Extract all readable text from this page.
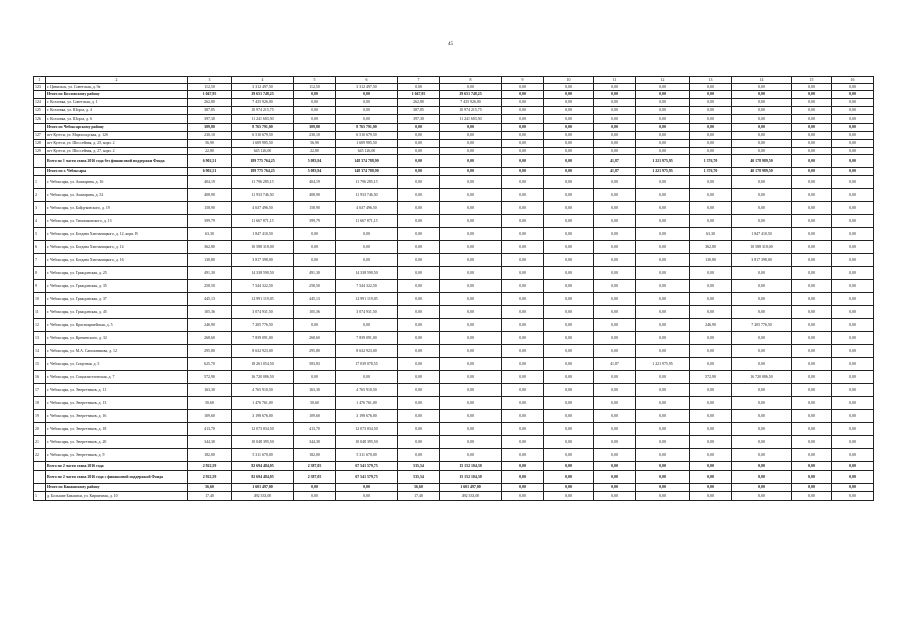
45
1	2	3	4	5	6	7	8	9	10	11	12	13	14	15	16
123	г. Цивильск, ул. Советская, д. 9а	112,50	3 312 497,50	112,50	3 312 497,50	0,00	0,00	0,00	0,00	0,00	0,00	0,00	0,00	0,00	0,00
	Итого по Козловскому району	1 047,95	29 651 748,25	0,00	0,00	1 047,95	29 651 748,25	0,00	0,00	0,00	0,00	0,00	0,00	0,00	0,00
124	г. Козловка, ул. Советская, д. 1	262,80	7 435 926,00	0,00	0,00	262,80	7 435 926,00	0,00	0,00	0,00	0,00	0,00	0,00	0,00	0,00
125	г. Козловка, ул. Шорса, д. 4	387,85	10 974 215,75	0,00	0,00	387,85	10 974 215,75	0,00	0,00	0,00	0,00	0,00	0,00	0,00	0,00
126	г. Козловка, ул. Шорса, д. 6	397,30	11 241 603,50	0,00	0,00	397,30	11 241 603,50	0,00	0,00	0,00	0,00	0,00	0,00	0,00	0,00
	Итого по Чебоксарскому району	309,80	8 765 791,00	309,80	8 765 791,00	0,00	0,00	0,00	0,00	0,00	0,00	0,00	0,00	0,00	0,00
127	пгт Кугеси, ул. Марпосадская, д. 12б	230,10	6 510 679,50	230,10	6 510 679,50	0,00	0,00	0,00	0,00	0,00	0,00	0,00	0,00	0,00	0,00
128	пгт Кугеси, ул. Шоссейная, д. 25, корп. 2	56,90	1 609 985,50	56,90	1 609 985,50	0,00	0,00	0,00	0,00	0,00	0,00	0,00	0,00	0,00	0,00
129	пгт Кугеси, ул. Шоссейная, д. 27, корп. 2	22,80	645 126,00	22,80	645 126,00	0,00	0,00	0,00	0,00	0,00	0,00	0,00	0,00	0,00	0,00
	Всего по 1 части этапа 2016 года без финансовой поддержки Фонда	6 902,51	189 775 764,25	5 083,94	148 374 788,90	0,00	0,00	0,00	0,00	41,87	1 221 975,95	1 376,70	40 178 989,50	0,00	0,00
	Итого по г. Чебоксары	6 902,51	189 775 764,25	5 083,94	148 374 788,90	0,00	0,00	0,00	0,00	41,87	1 221 975,95	1 376,70	40 178 989,50	0,00	0,00
1	г. Чебоксары, ул. Ашмарина, д. 16	404,19	11 796 285,15	404,19	11 796 285,15	0,00	0,00	0,00	0,00	0,00	0,00	0,00	0,00	0,00	0,00
2	г. Чебоксары, ул. Ашмарина, д. 52	408,90	11 933 746,50	408,90	11 933 746,50	0,00	0,00	0,00	0,00	0,00	0,00	0,00	0,00	0,00	0,00
3	г. Чебоксары, ул. Байдуковского, д. 19	158,90	4 637 496,50	158,90	4 637 496,50	0,00	0,00	0,00	0,00	0,00	0,00	0,00	0,00	0,00	0,00
4	г. Чебоксары, ул. Тимошковского, д. 13	399,79	11 667 871,15	399,79	11 667 871,15	0,00	0,00	0,00	0,00	0,00	0,00	0,00	0,00	0,00	0,00
5	г. Чебоксары, ул. Богдана Хмельницкого, д. 12, корп. В	63,30	1 847 410,50	0,00	0,00	0,00	0,00	0,00	0,00	0,00	0,00	63,30	1 847 410,50	0,00	0,00
6	г. Чебоксары, ул. Богдана Хмельницкого, д. 14	362,80	10 588 318,00	0,00	0,00	0,00	0,00	0,00	0,00	0,00	0,00	362,80	10 588 318,00	0,00	0,00
7	г. Чебоксары, ул. Богдана Хмельницкого, д. 16	130,80	3 817 398,00	0,00	0,00	0,00	0,00	0,00	0,00	0,00	0,00	130,80	3 817 398,00	0,00	0,00
8	г. Чебоксары, ул. Гражданская, д. 25	491,30	14 338 590,50	491,30	14 338 590,50	0,00	0,00	0,00	0,00	0,00	0,00	0,00	0,00	0,00	0,00
9	г. Чебоксары, ул. Гражданская, д. 35	258,50	7 544 322,50	258,50	7 544 322,50	0,00	0,00	0,00	0,00	0,00	0,00	0,00	0,00	0,00	0,00
10	г. Чебоксары, ул. Гражданская, д. 37	445,13	12 991 119,05	445,13	12 991 119,05	0,00	0,00	0,00	0,00	0,00	0,00	0,00	0,00	0,00	0,00
11	г. Чебоксары, ул. Гражданская, д. 45	105,36	3 074 931,50	105,36	3 074 931,50	0,00	0,00	0,00	0,00	0,00	0,00	0,00	0,00	0,00	0,00
12	г. Чебоксары, ул. Красноармейская, д. 5	246,90	7 205 776,50	0,00	0,00	0,00	0,00	0,00	0,00	0,00	0,00	246,90	7 205 776,50	0,00	0,00
13	г. Чебоксары, ул. Кременского, д. 32	268,60	7 839 091,00	268,60	7 839 091,00	0,00	0,00	0,00	0,00	0,00	0,00	0,00	0,00	0,00	0,00
14	г. Чебоксары, ул. М.А. Сапожникова, д. 12	295,80	8 632 923,00	295,80	8 632 923,00	0,00	0,00	0,00	0,00	0,00	0,00	0,00	0,00	0,00	0,00
15	г. Чебоксары, ул. Спортная, д. 5	625,70	18 261 054,50	583,83	17 039 078,55	0,00	0,00	0,00	0,00	41,87	1 221 975,95	0,00	0,00	0,00	0,00
16	г. Чебоксары, ул. Социалистическая, д. 7	572,90	16 720 086,50	0,00	0,00	0,00	0,00	0,00	0,00	0,00	0,00	572,90	16 720 086,50	0,00	0,00
17	г. Чебоксары, ул. Энергетиков, д. 11	163,30	4 765 910,50	163,30	4 765 910,50	0,00	0,00	0,00	0,00	0,00	0,00	0,00	0,00	0,00	0,00
18	г. Чебоксары, ул. Энергетиков, д. 13	50,60	1 476 761,00	50,60	1 476 761,00	0,00	0,00	0,00	0,00	0,00	0,00	0,00	0,00	0,00	0,00
19	г. Чебоксары, ул. Энергетиков, д. 16	109,60	3 198 676,00	109,60	3 198 676,00	0,00	0,00	0,00	0,00	0,00	0,00	0,00	0,00	0,00	0,00
20	г. Чебоксары, ул. Энергетиков, д. 18	413,70	12 073 834,50	413,70	12 073 834,50	0,00	0,00	0,00	0,00	0,00	0,00	0,00	0,00	0,00	0,00
21	г. Чебоксары, ул. Энергетиков, д. 20	344,30	10 048 395,50	344,30	10 048 395,50	0,00	0,00	0,00	0,00	0,00	0,00	0,00	0,00	0,00	0,00
22	г. Чебоксары, ул. Энергетиков, д. 9	182,00	5 311 670,00	182,00	5 311 670,00	0,00	0,00	0,00	0,00	0,00	0,00	0,00	0,00	0,00	0,00
	Всего по 2 части этапа 2016 года	2 922,59	82 694 484,05	2 387,05	67 541 579,75	535,54	15 152 104,30	0,00	0,00	0,00	0,00	0,00	0,00	0,00	0,00
	Всего по 2 части этапа 2016 года с финансовой поддержкой Фонда	2 922,59	82 694 484,05	2 387,05	67 541 579,75	535,54	15 152 104,30	0,00	0,00	0,00	0,00	0,00	0,00	0,00	0,00
	Итого по Канашскому району	56,60	1 601 497,00	0,00	0,00	56,60	1 601 497,00	0,00	0,00	0,00	0,00	0,00	0,00	0,00	0,00
1	д. Большие Бикшихи, ул. Кирпичная, д. 10	17,40	492 333,00	0,00	0,00	17,40	492 333,00	0,00	0,00	0,00	0,00	0,00	0,00	0,00	0,00
